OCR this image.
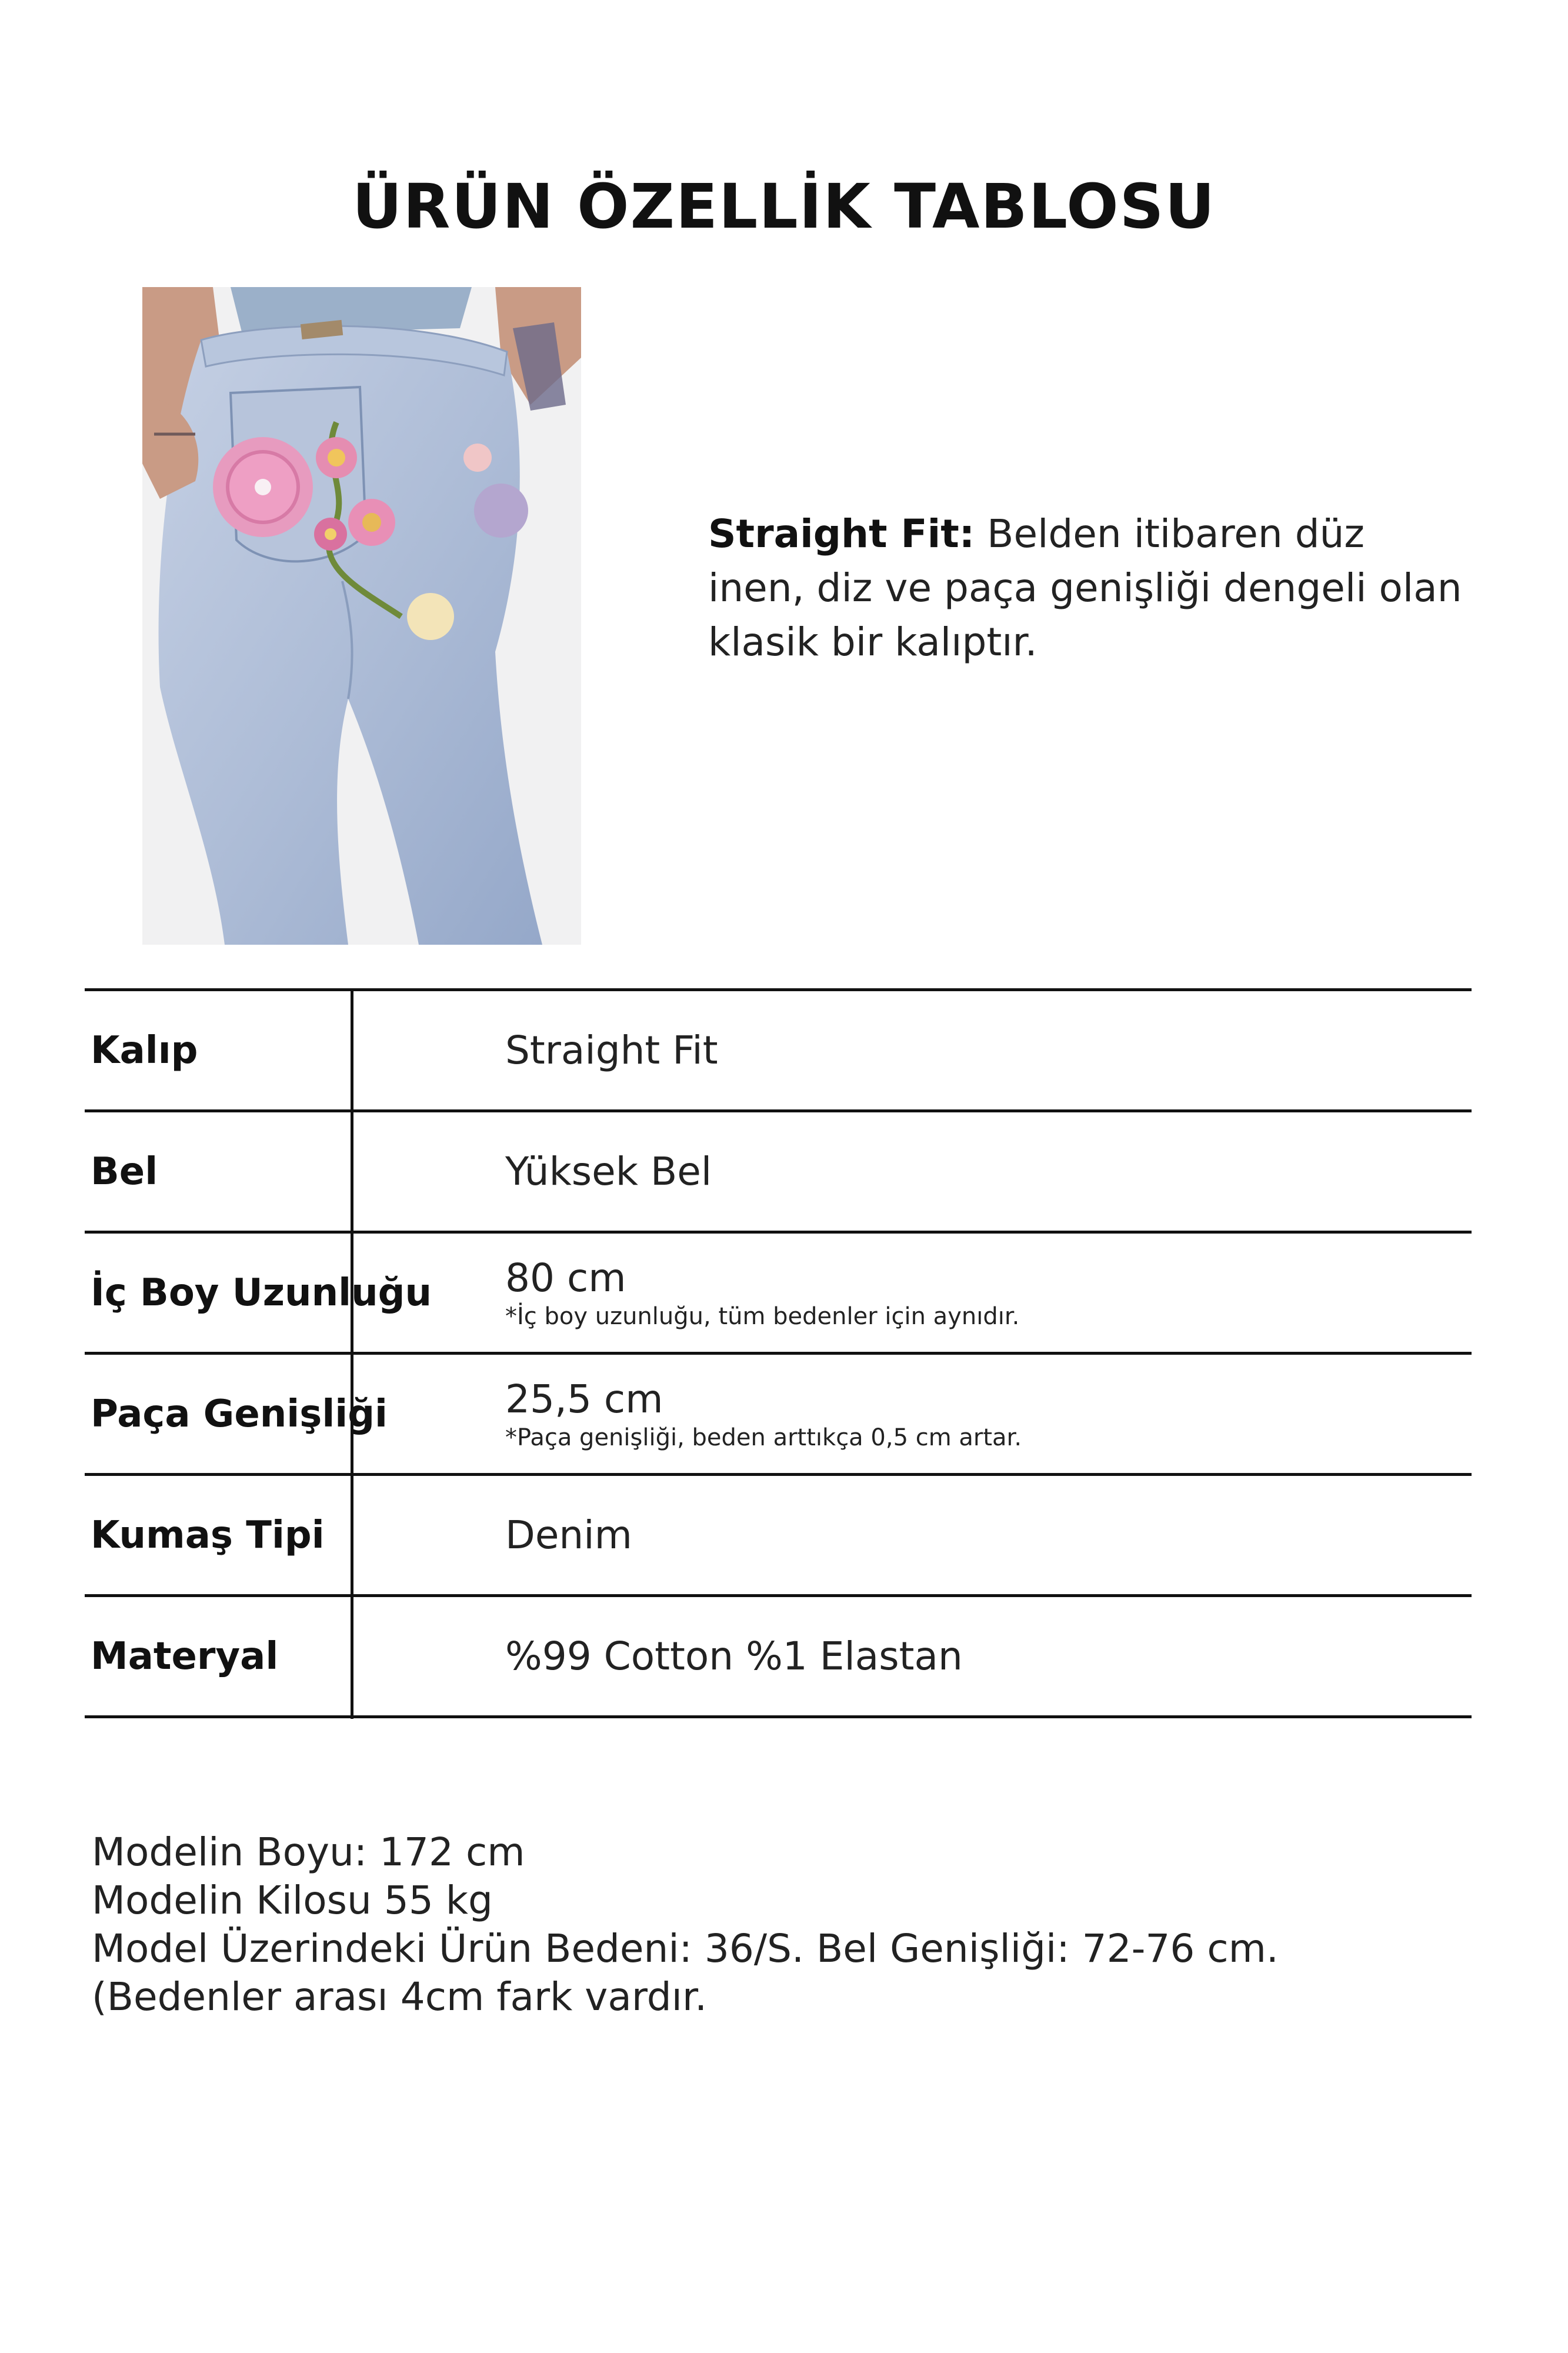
ÜRÜN ÖZELLİK TABLOSU
Straight Fit: Belden itibaren düz inen, diz ve paça genişliği dengeli olan klasik bir kalıptır.
Kalıp	Straight Fit
Bel	Yüksek Bel
İç Boy Uzunluğu 80 cm
*İç boy uzunluğu, tüm bedenler için aynıdır.
Paça Genişliği	25,5 cm
*Paça genişliği, beden arttıkça 0,5 cm artar.
Kumaş Tipi	Denim
Materyal	%99 Cotton %1 Elastan
Modelin Boyu: 172 cm
Modelin Kilosu 55 kg
Model Üzerindeki Ürün Bedeni: 36/S. Bel Genişliği: 72-76 cm. (Bedenler arası 4cm fark vardır.
